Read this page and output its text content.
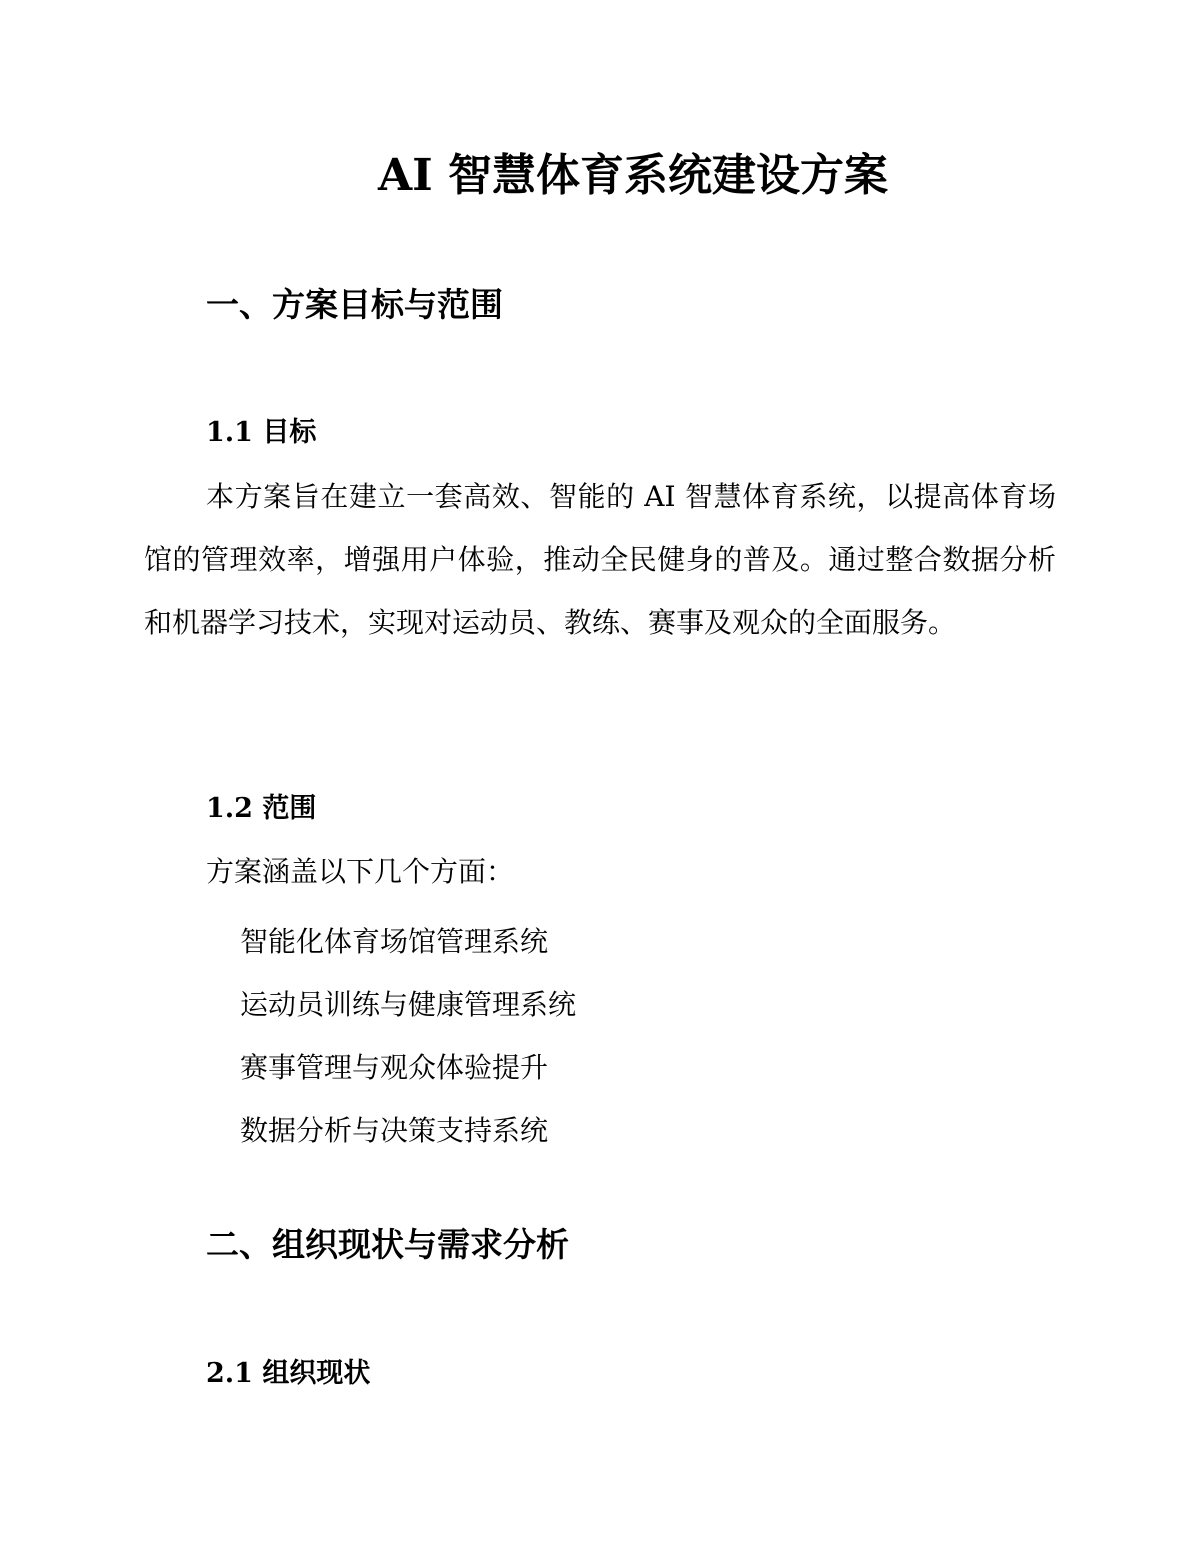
AI 智慧体育系统建设方案
一、方案目标与范围
1.1 目标

本方案旨在建立一套高效、智能的 AI 智慧体育系统，以提高体育场馆的管理效率，增强用户体验，推动全民健身的普及。通过整合数据分析和机器学习技术，实现对运动员、教练、赛事及观众的全面服务。

1.2 范围
方案涵盖以下几个方面：
智能化体育场馆管理系统
运动员训练与健康管理系统
赛事管理与观众体验提升
数据分析与决策支持系统
二、组织现状与需求分析
2.1 组织现状
